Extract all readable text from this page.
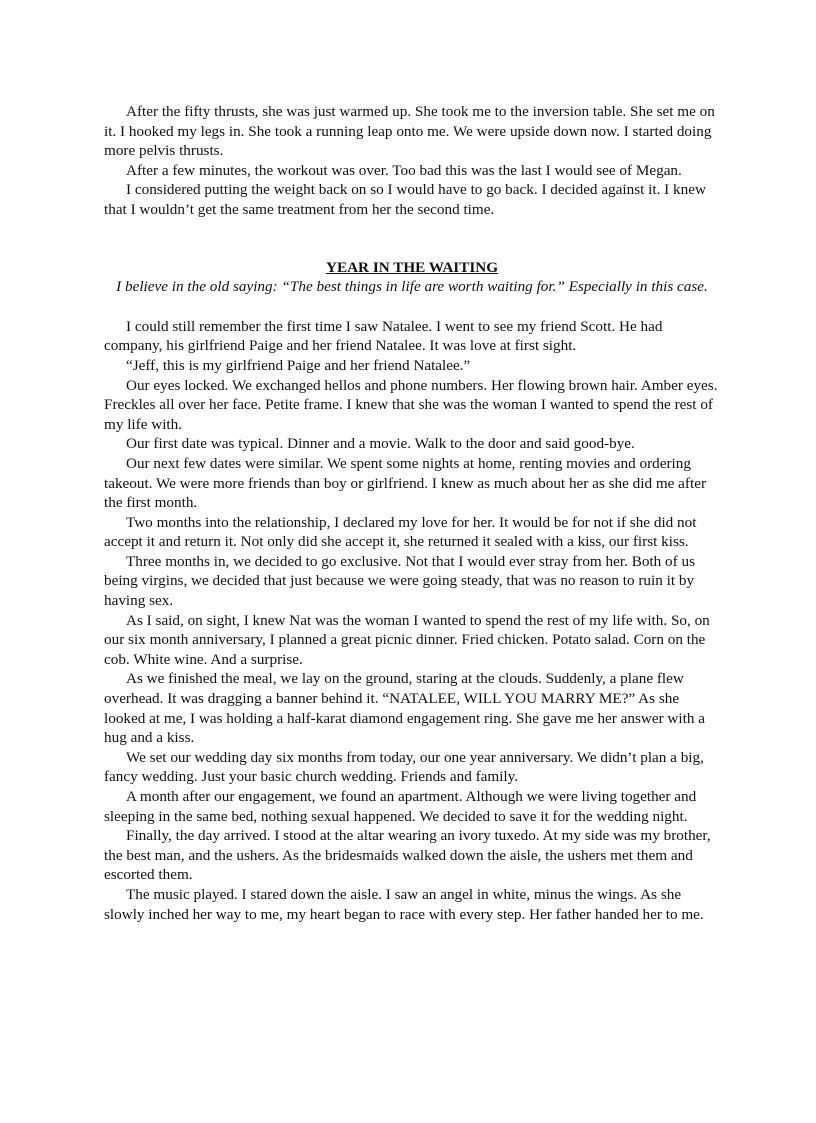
After the fifty thrusts, she was just warmed up. She took me to the inversion table. She set me on it. I hooked my legs in. She took a running leap onto me. We were upside down now. I started doing more pelvis thrusts.

After a few minutes, the workout was over. Too bad this was the last I would see of Megan.

I considered putting the weight back on so I would have to go back. I decided against it. I knew that I wouldn’t get the same treatment from her the second time.

YEAR IN THE WAITING

I believe in the old saying: “The best things in life are worth waiting for.” Especially in this case.

I could still remember the first time I saw Natalee. I went to see my friend Scott. He had company, his girlfriend Paige and her friend Natalee. It was love at first sight.

“Jeff, this is my girlfriend Paige and her friend Natalee.”

Our eyes locked. We exchanged hellos and phone numbers. Her flowing brown hair. Amber eyes. Freckles all over her face. Petite frame. I knew that she was the woman I wanted to spend the rest of my life with.

Our first date was typical. Dinner and a movie. Walk to the door and said good-bye.

Our next few dates were similar. We spent some nights at home, renting movies and ordering takeout. We were more friends than boy or girlfriend. I knew as much about her as she did me after the first month.

Two months into the relationship, I declared my love for her. It would be for not if she did not accept it and return it. Not only did she accept it, she returned it sealed with a kiss, our first kiss.

Three months in, we decided to go exclusive. Not that I would ever stray from her. Both of us being virgins, we decided that just because we were going steady, that was no reason to ruin it by having sex.

As I said, on sight, I knew Nat was the woman I wanted to spend the rest of my life with. So, on our six month anniversary, I planned a great picnic dinner. Fried chicken. Potato salad. Corn on the cob. White wine. And a surprise.

As we finished the meal, we lay on the ground, staring at the clouds. Suddenly, a plane flew overhead. It was dragging a banner behind it. “NATALEE, WILL YOU MARRY ME?” As she looked at me, I was holding a half-karat diamond engagement ring. She gave me her answer with a hug and a kiss.

We set our wedding day six months from today, our one year anniversary. We didn’t plan a big, fancy wedding. Just your basic church wedding. Friends and family.

A month after our engagement, we found an apartment. Although we were living together and sleeping in the same bed, nothing sexual happened. We decided to save it for the wedding night.

Finally, the day arrived. I stood at the altar wearing an ivory tuxedo. At my side was my brother, the best man, and the ushers. As the bridesmaids walked down the aisle, the ushers met them and escorted them.

The music played. I stared down the aisle. I saw an angel in white, minus the wings. As she slowly inched her way to me, my heart began to race with every step. Her father handed her to me.
